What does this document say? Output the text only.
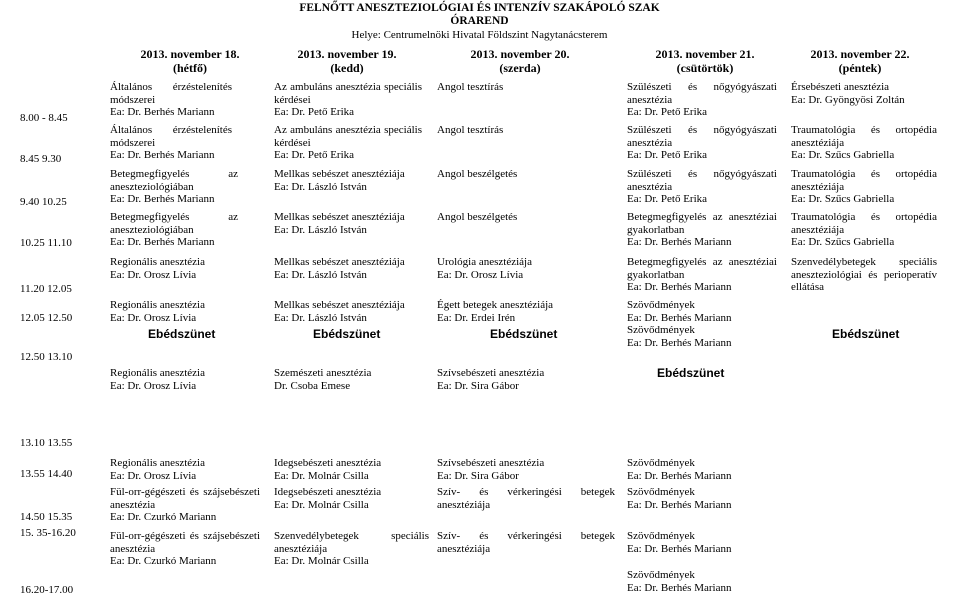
FELNŐTT ANESZTEZIOLÓGIAI ÉS INTENZÍV SZAKÁPOLÓ SZAK
ÓRAREND
Helye: Centrumelnöki Hivatal Földszint Nagytanácsterem
2013. november 18.
(hétfő)
2013. november 19.
(kedd)
2013. november 20.
(szerda)
2013. november 21.
(csütörtök)
2013. november 22.
(péntek)
8.00 - 8.45
8.45 9.30
9.40 10.25
10.25 11.10
11.20 12.05
12.05 12.50
12.50 13.10
13.10 13.55
13.55 14.40
14.50 15.35
15. 35-16.20
16.20-17.00
Általános érzéstelenítés módszerei
Ea: Dr. Berhés Mariann
Általános érzéstelenítés módszerei
Ea: Dr. Berhés Mariann
Betegmegfigyelés az aneszteziológiában
Ea: Dr. Berhés Mariann
Betegmegfigyelés az aneszteziológiában
Ea: Dr. Berhés Mariann
Regionális anesztézia
Ea: Dr. Orosz Lívia
Regionális anesztézia
Ea: Dr. Orosz Lívia
Ebédszünet
Regionális anesztézia
Ea: Dr. Orosz Lívia
Regionális anesztézia
Ea: Dr. Orosz Lívia
Fül-orr-gégészeti és szájsebészeti anesztézia
Ea: Dr. Czurkó Mariann
Fül-orr-gégészeti és szájsebészeti anesztézia
Ea: Dr. Czurkó Mariann
Az ambuláns anesztézia speciális kérdései
Ea: Dr. Pető Erika
Az ambuláns anesztézia speciális kérdései
Ea: Dr. Pető Erika
Mellkas sebészet anesztéziája
Ea: Dr. László István
Mellkas sebészet anesztéziája
Ea: Dr. László István
Mellkas sebészet anesztéziája
Ea: Dr. László István
Mellkas sebészet anesztéziája
Ea: Dr. László István
Ebédszünet
Szemészeti anesztézia
Dr. Csoba Emese
Idegsebészeti anesztézia
Ea: Dr. Molnár Csilla
Idegsebészeti anesztézia
Ea: Dr. Molnár Csilla
Szenvedélybetegek speciális anesztéziája
Ea: Dr. Molnár Csilla
Angol tesztírás
Angol tesztírás
Angol beszélgetés
Angol beszélgetés
Urológia anesztéziája
Ea: Dr. Orosz Lívia
Égett betegek anesztéziája
Ea: Dr. Erdei Irén
Ebédszünet
Szívsebészeti anesztézia
Ea: Dr. Sira Gábor
Szívsebészeti anesztézia
Ea: Dr. Sira Gábor
Szív- és vérkeringési betegek anesztéziája
Szív- és vérkeringési betegek anesztéziája
Szülészeti és nőgyógyászati anesztézia
Ea: Dr. Pető Erika
Szülészeti és nőgyógyászati anesztézia
Ea: Dr. Pető Erika
Szülészeti és nőgyógyászati anesztézia
Ea: Dr. Pető Erika
Betegmegfigyelés az anesztéziai gyakorlatban
Ea: Dr. Berhés Mariann
Betegmegfigyelés az anesztéziai gyakorlatban
Ea: Dr. Berhés Mariann
Szövődmények
Ea: Dr. Berhés Mariann
Szövődmények
Ea: Dr. Berhés Mariann
Ebédszünet
Szövődmények
Ea: Dr. Berhés Mariann
Szövődmények
Ea: Dr. Berhés Mariann
Szövődmények
Ea: Dr. Berhés Mariann
Szövődmények
Ea: Dr. Berhés Mariann
Érsebészeti anesztézia
Ea: Dr. Gyöngyösi Zoltán
Traumatológia és ortopédia anesztéziája
Ea: Dr. Szűcs Gabriella
Traumatológia és ortopédia anesztéziája
Ea: Dr. Szűcs Gabriella
Traumatológia és ortopédia anesztéziája
Ea: Dr. Szűcs Gabriella
Szenvedélybetegek speciális aneszteziológiai és perioperatív ellátása
Ebédszünet
